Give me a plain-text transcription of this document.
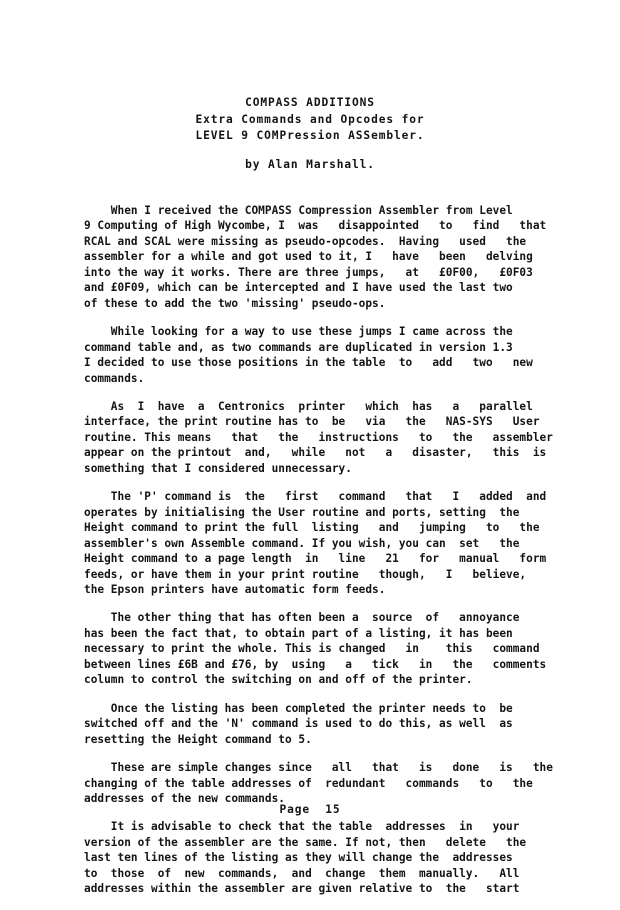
COMPASS ADDITIONS
Extra Commands and Opcodes for
LEVEL 9 COMPression ASSembler.
by Alan Marshall.
When I received the COMPASS Compression Assembler from Level
9 Computing of High Wycombe, I  was   disappointed   to   find   that
RCAL and SCAL were missing as pseudo-opcodes.  Having   used   the
assembler for a while and got used to it, I   have   been   delving
into the way it works. There are three jumps,   at   £0F00,   £0F03
and £0F09, which can be intercepted and I have used the last two
of these to add the two 'missing' pseudo-ops.
While looking for a way to use these jumps I came across the
command table and, as two commands are duplicated in version 1.3
I decided to use those positions in the table  to   add   two   new
commands.
As  I  have  a  Centronics  printer   which  has   a   parallel
interface, the print routine has to  be   via   the   NAS-SYS   User
routine. This means   that   the   instructions   to   the   assembler
appear on the printout  and,   while   not   a   disaster,   this  is
something that I considered unnecessary.
The 'P' command is  the   first   command   that   I   added  and
operates by initialising the User routine and ports, setting  the
Height command to print the full  listing   and   jumping   to   the
assembler's own Assemble command. If you wish, you can  set   the
Height command to a page length  in   line   21   for   manual   form
feeds, or have them in your print routine   though,   I   believe,
the Epson printers have automatic form feeds.
The other thing that has often been a  source  of   annoyance
has been the fact that, to obtain part of a listing, it has been
necessary to print the whole. This is changed   in    this   command
between lines £6B and £76, by  using   a   tick   in   the   comments
column to control the switching on and off of the printer.
Once the listing has been completed the printer needs to  be
switched off and the 'N' command is used to do this, as well  as
resetting the Height command to 5.
These are simple changes since   all   that   is   done   is   the
changing of the table addresses of  redundant   commands   to   the
addresses of the new commands.
It is advisable to check that the table  addresses  in   your
version of the assembler are the same. If not, then   delete   the
last ten lines of the listing as they will change the  addresses
to  those  of  new  commands,  and  change  them  manually.   All
addresses within the assembler are given relative to  the   start
Page  15
